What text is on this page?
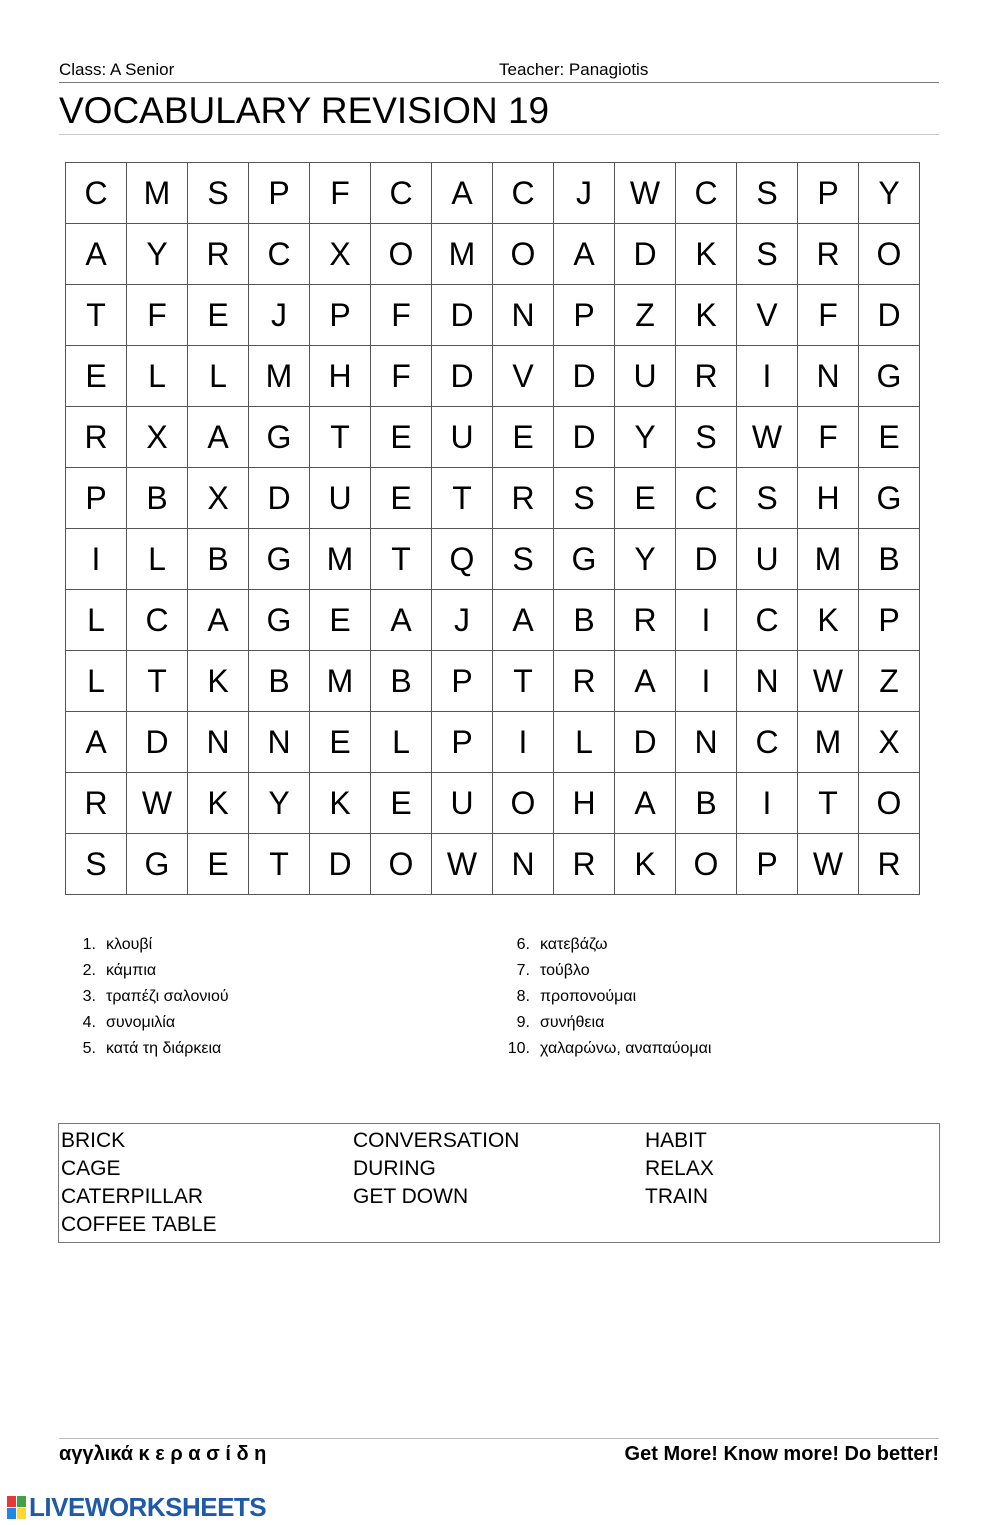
Class: A Senior	Teacher: Panagiotis
VOCABULARY REVISION 19
C	M	S	P	F	C	A	C	J	W	C	S	P	Y
A	Y	R	C	X	O	M	O	A	D	K	S	R	O
T	F	E	J	P	F	D	N	P	Z	K	V	F	D
E	L	L	M	H	F	D	V	D	U	R	I	N	G
R	X	A	G	T	E	U	E	D	Y	S	W	F	E
P	B	X	D	U	E	T	R	S	E	C	S	H	G
I	L	B	G	M	T	Q	S	G	Y	D	U	M	B
L	C	A	G	E	A	J	A	B	R	I	C	K	P
L	T	K	B	M	B	P	T	R	A	I	N	W	Z
A	D	N	N	E	L	P	I	L	D	N	C	M	X
R	W	K	Y	K	E	U	O	H	A	B	I	T	O
S	G	E	T	D	O	W	N	R	K	O	P	W	R
1. κλουβί
2. κάμπια
3. τραπέζι σαλονιού
4. συνομιλία
5. κατά τη διάρκεια
6. κατεβάζω
7. τούβλο
8. προπονούμαι
9. συνήθεια
10. χαλαρώνω, αναπαύομαι
BRICK
CAGE
CATERPILLAR
COFFEE TABLE
CONVERSATION
DURING
GET DOWN
HABIT
RELAX
TRAIN
αγγλικά κ ε ρ α σ ί δ η	Get More! Know more! Do better!
LIVEWORKSHEETS
